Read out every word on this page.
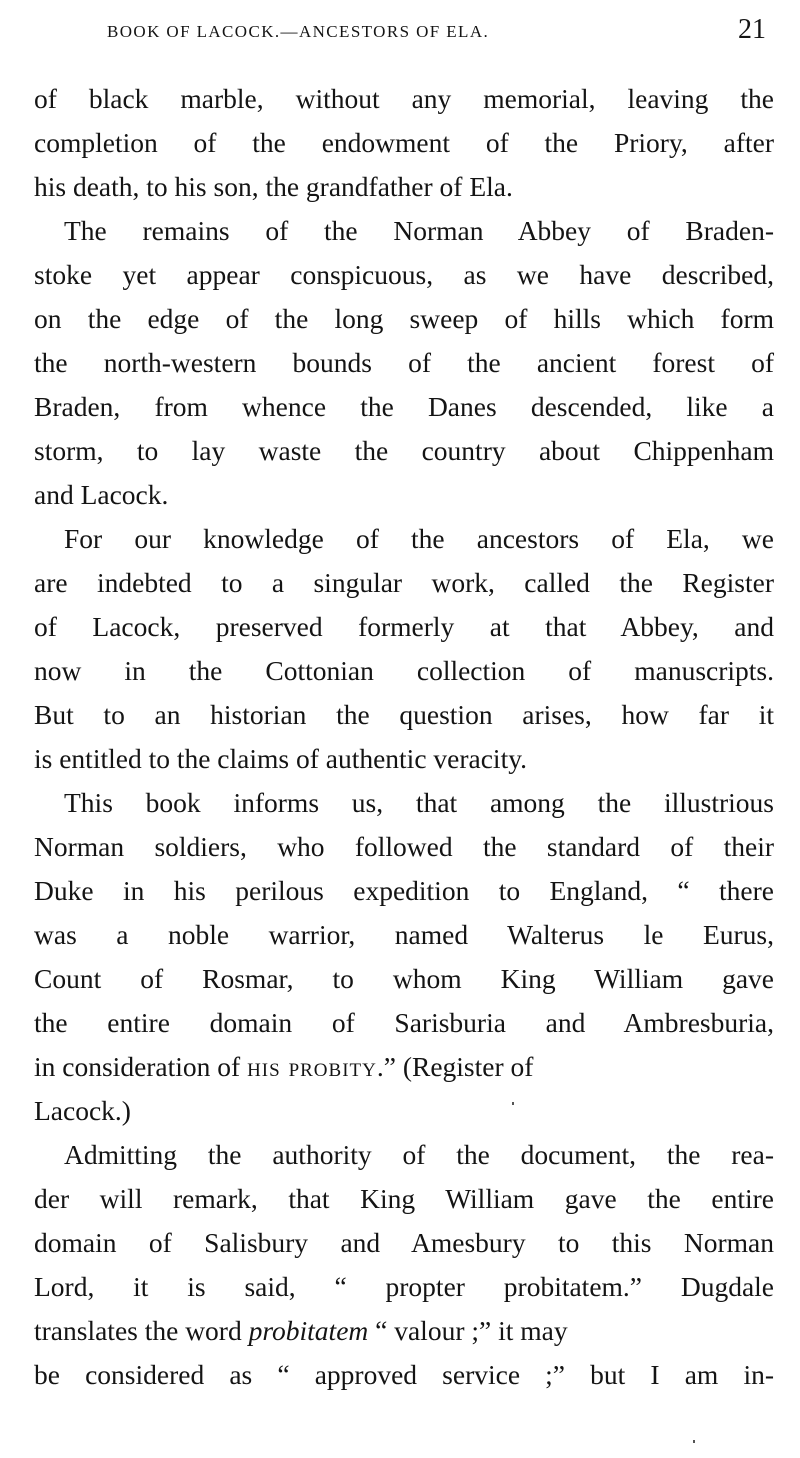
BOOK OF LACOCK.—ANCESTORS OF ELA.	21
of black marble, without any memorial, leaving the
completion of the endowment of the Priory, after
his death, to his son, the grandfather of Ela.
The remains of the Norman Abbey of Braden-
stoke yet appear conspicuous, as we have described,
on the edge of the long sweep of hills which form
the north-western bounds of the ancient forest of
Braden, from whence the Danes descended, like a
storm, to lay waste the country about Chippenham
and Lacock.
For our knowledge of the ancestors of Ela, we
are indebted to a singular work, called the Register
of Lacock, preserved formerly at that Abbey, and
now in the Cottonian collection of manuscripts.
But to an historian the question arises, how far it
is entitled to the claims of authentic veracity.
This book informs us, that among the illustrious
Norman soldiers, who followed the standard of their
Duke in his perilous expedition to England, “ there
was a noble warrior, named Walterus le Eurus,
Count of Rosmar, to whom King William gave
the entire domain of Sarisburia and Ambresburia,
in consideration of his probity.” (Register of
Lacock.)
Admitting the authority of the document, the rea-
der will remark, that King William gave the entire
domain of Salisbury and Amesbury to this Norman
Lord, it is said, “ propter probitatem.” Dugdale
translates the word probitatem “ valour ;” it may
be considered as “ approved service ;” but I am in-
